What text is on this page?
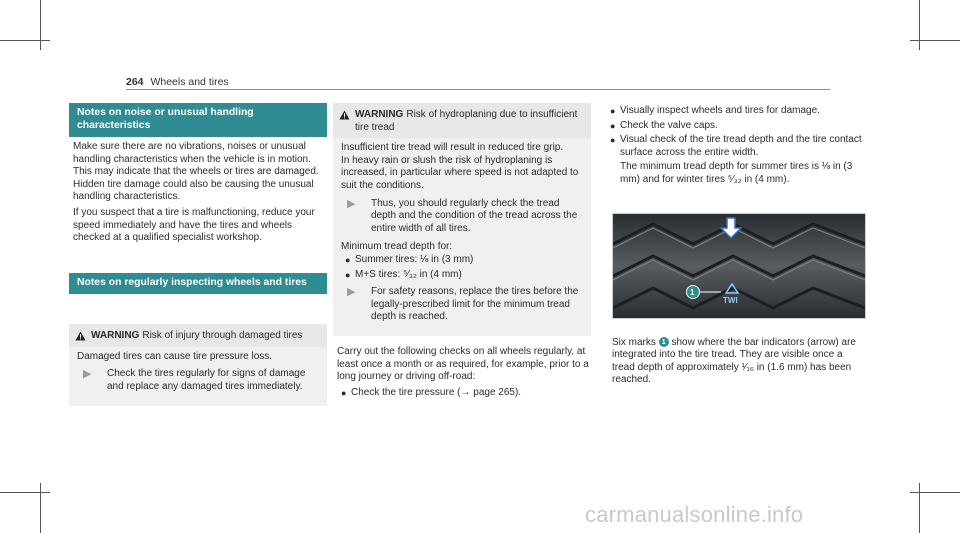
264 Wheels and tires
Notes on noise or unusual handling characteristics

Make sure there are no vibrations, noises or unusual handling characteristics when the vehicle is in motion. This may indicate that the wheels or tires are damaged. Hidden tire damage could also be causing the unusual handling characteristics.

If you suspect that a tire is malfunctioning, reduce your speed immediately and have the tires and wheels checked at a qualified specialist workshop.

Notes on regularly inspecting wheels and tires
WARNING Risk of injury through damaged tires

Damaged tires can cause tire pressure loss.

▶	Check the tires regularly for signs of damage and replace any damaged tires immediately.
WARNING Risk of hydroplaning due to insufficient tire tread

Insufficient tire tread will result in reduced tire grip.

In heavy rain or slush the risk of hydroplaning is increased, in particular where speed is not adapted to suit the conditions.

▶	Thus, you should regularly check the tread depth and the condition of the tread across the entire width of all tires.

Minimum tread depth for:

● Summer tires: ⅛ in (3 mm)
● M+S tires: ⁵⁄₃₂ in (4 mm)
▶	For safety reasons, replace the tires before the legally-prescribed limit for the minimum tread depth is reached.

Carry out the following checks on all wheels regularly, at least once a month or as required, for example, prior to a long journey or driving off-road:

● Check the tire pressure (→ page 265).
● Visually inspect wheels and tires for damage.
● Check the valve caps.
● Visual check of the tire tread depth and the tire contact surface across the entire width.

The minimum tread depth for summer tires is ⅛ in (3 mm) and for winter tires ⁵⁄₃₂ in (4 mm).

1
TWI
Six marks 1 show where the bar indicators (arrow) are integrated into the tire tread. They are visible once a tread depth of approximately ¹⁄₁₆ in (1.6 mm) has been reached.
carmanualsonline.info
